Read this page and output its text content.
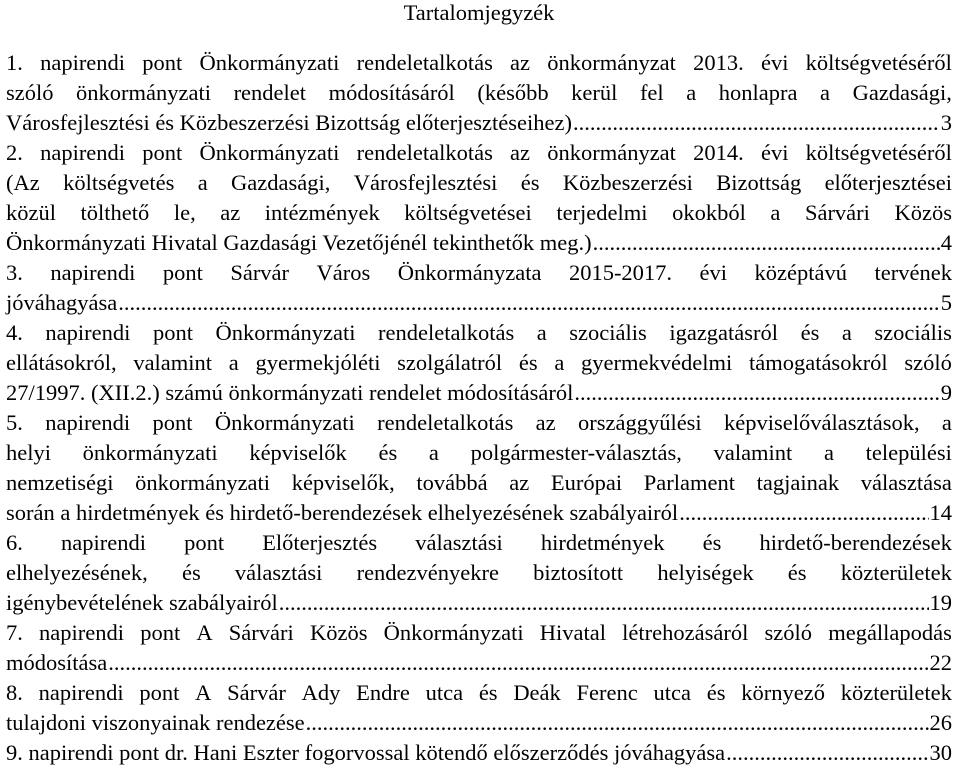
Tartalomjegyzék
1. napirendi pont Önkormányzati rendeletalkotás az önkormányzat 2013. évi költségvetéséről
szóló önkormányzati rendelet módosításáról (később kerül fel a honlapra a Gazdasági,
Városfejlesztési és Közbeszerzési Bizottság előterjesztéseihez) .....	3
2. napirendi pont Önkormányzati rendeletalkotás az önkormányzat 2014. évi költségvetéséről
(Az költségvetés a Gazdasági, Városfejlesztési és Közbeszerzési Bizottság előterjesztései
közül tölthető le, az intézmények költségvetései terjedelmi okokból a Sárvári Közös
Önkormányzati Hivatal Gazdasági Vezetőjénél tekinthetők meg.) .....	4
3. napirendi pont Sárvár Város Önkormányzata 2015-2017. évi középtávú tervének
jóváhagyása .....	5
4. napirendi pont Önkormányzati rendeletalkotás a szociális igazgatásról és a szociális
ellátásokról, valamint a gyermekjóléti szolgálatról és a gyermekvédelmi támogatásokról szóló
27/1997. (XII.2.) számú önkormányzati rendelet módosításáról .....	9
5. napirendi pont Önkormányzati rendeletalkotás az országgyűlési képviselőválasztások, a
helyi önkormányzati képviselők és a polgármester-választás, valamint a települési
nemzetiségi önkormányzati képviselők, továbbá az Európai Parlament tagjainak választása
során a hirdetmények és hirdető-berendezések elhelyezésének szabályairól .....	14
6. napirendi pont Előterjesztés választási hirdetmények és hirdető-berendezések
elhelyezésének, és választási rendezvényekre biztosított helyiségek és közterületek
igénybevételének szabályairól .....	19
7. napirendi pont A Sárvári Közös Önkormányzati Hivatal létrehozásáról szóló megállapodás
módosítása .....	22
8. napirendi pont A Sárvár Ady Endre utca és Deák Ferenc utca és környező közterületek
tulajdoni viszonyainak rendezése .....	26
9. napirendi pont dr. Hani Eszter fogorvossal kötendő előszerződés jóváhagyása .....	30
